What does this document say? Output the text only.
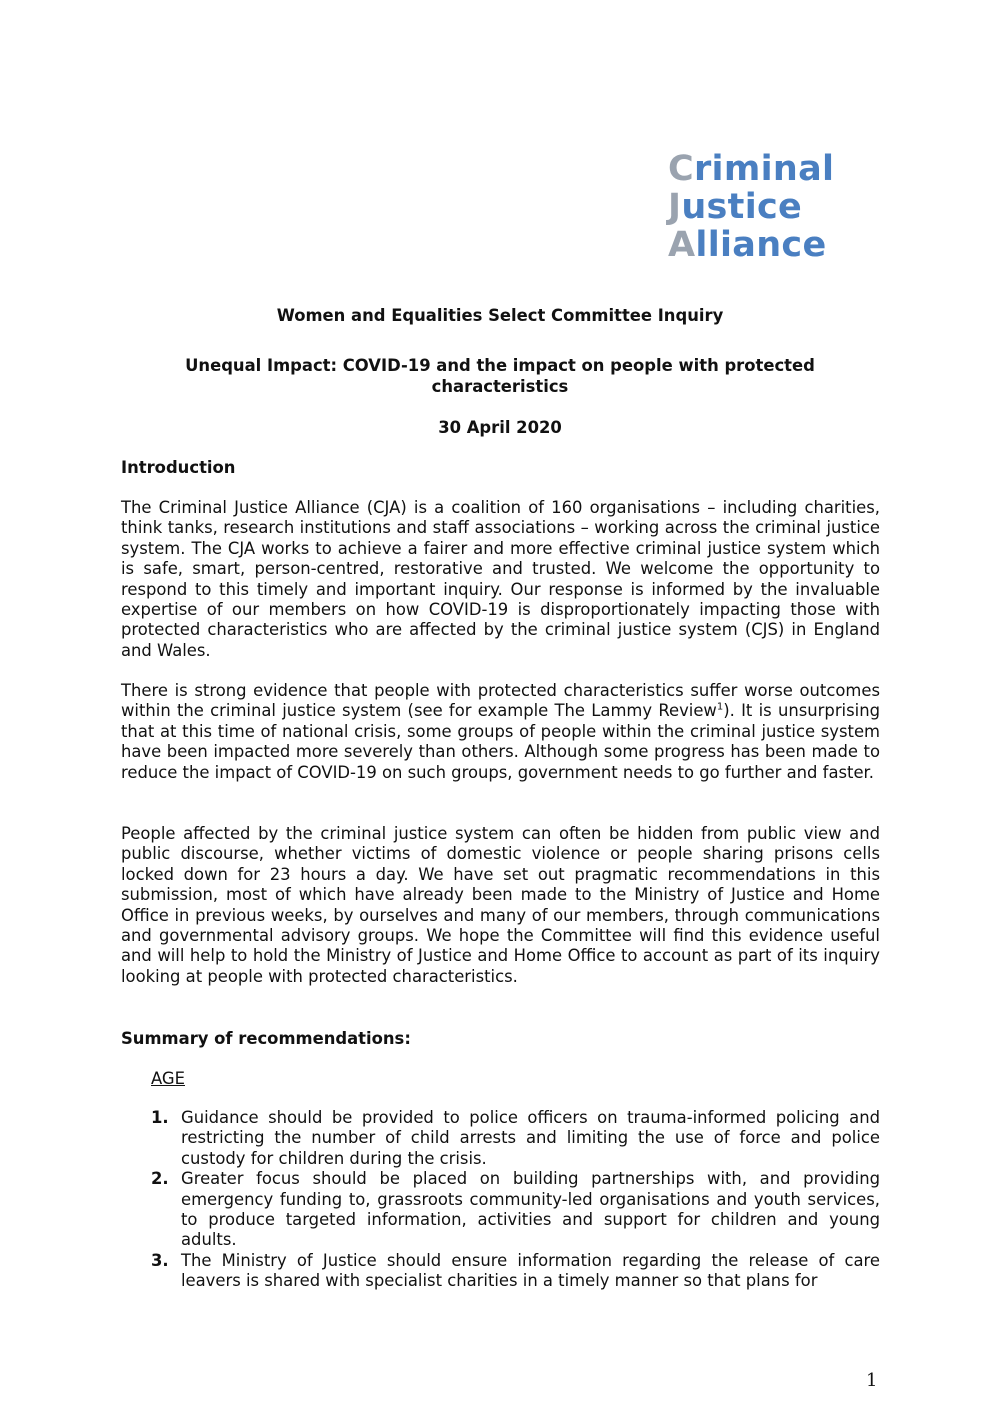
Criminal
Justice
Alliance
Women and Equalities Select Committee Inquiry
Unequal Impact: COVID-19 and the impact on people with protected
characteristics
30 April 2020
Introduction

The Criminal Justice Alliance (CJA) is a coalition of 160 organisations – including charities, think tanks, research institutions and staff associations – working across the criminal justice system. The CJA works to achieve a fairer and more effective criminal justice system which is safe, smart, person-centred, restorative and trusted. We welcome the opportunity to respond to this timely and important inquiry. Our response is informed by the invaluable expertise of our members on how COVID-19 is disproportionately impacting those with protected characteristics who are affected by the criminal justice system (CJS) in England and Wales.

There is strong evidence that people with protected characteristics suffer worse outcomes within the criminal justice system (see for example The Lammy Review$^1$). It is unsurprising that at this time of national crisis, some groups of people within the criminal justice system have been impacted more severely than others. Although some progress has been made to reduce the impact of COVID-19 on such groups, government needs to go further and faster.

People affected by the criminal justice system can often be hidden from public view and public discourse, whether victims of domestic violence or people sharing prisons cells locked down for 23 hours a day. We have set out pragmatic recommendations in this submission, most of which have already been made to the Ministry of Justice and Home Office in previous weeks, by ourselves and many of our members, through communications and governmental advisory groups. We hope the Committee will find this evidence useful and will help to hold the Ministry of Justice and Home Office to account as part of its inquiry looking at people with protected characteristics.

Summary of recommendations:
AGE
1. Guidance should be provided to police officers on trauma-informed policing and restricting the number of child arrests and limiting the use of force and police custody for children during the crisis.
2. Greater focus should be placed on building partnerships with, and providing emergency funding to, grassroots community-led organisations and youth services, to produce targeted information, activities and support for children and young adults.
3. The Ministry of Justice should ensure information regarding the release of care leavers is shared with specialist charities in a timely manner so that plans for
1
